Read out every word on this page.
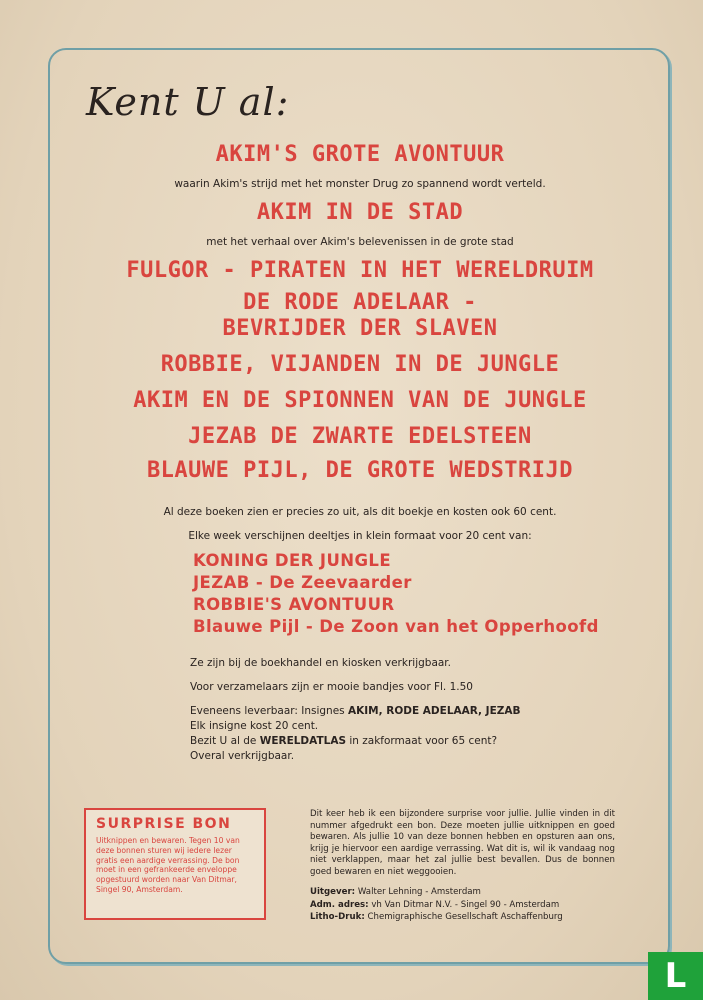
Kent U al:
AKIM'S GROTE AVONTUUR
waarin Akim's strijd met het monster Drug zo spannend wordt verteld.
AKIM IN DE STAD
met het verhaal over Akim's belevenissen in de grote stad
FULGOR - PIRATEN IN HET WERELDRUIM
DE RODE ADELAAR -
BEVRIJDER DER SLAVEN
ROBBIE, VIJANDEN IN DE JUNGLE
AKIM EN DE SPIONNEN VAN DE JUNGLE
JEZAB DE ZWARTE EDELSTEEN
BLAUWE PIJL, DE GROTE WEDSTRIJD
Al deze boeken zien er precies zo uit, als dit boekje en kosten ook 60 cent.
Elke week verschijnen deeltjes in klein formaat voor 20 cent van:
KONING DER JUNGLE
JEZAB - De Zeevaarder
ROBBIE'S AVONTUUR
Blauwe Pijl - De Zoon van het Opperhoofd
Ze zijn bij de boekhandel en kiosken verkrijgbaar.
Voor verzamelaars zijn er mooie bandjes voor Fl. 1.50
Eveneens leverbaar: Insignes AKIM, RODE ADELAAR, JEZAB
Elk insigne kost 20 cent.
Bezit U al de WERELDATLAS in zakformaat voor 65 cent?
Overal verkrijgbaar.
SURPRISE BON
Uitknippen en bewaren. Tegen 10 van deze bonnen sturen wij iedere lezer gratis een aardige verrassing. De bon moet in een gefrankeerde enveloppe opgestuurd worden naar Van Ditmar, Singel 90, Amsterdam.
Dit keer heb ik een bijzondere surprise voor jullie. Jullie vinden in dit nummer afgedrukt een bon. Deze moeten jullie uitknippen en goed bewaren. Als jullie 10 van deze bonnen hebben en opsturen aan ons, krijg je hiervoor een aardige verrassing. Wat dit is, wil ik vandaag nog niet verklappen, maar het zal jullie best bevallen. Dus de bonnen goed bewaren en niet weggooien.
Uitgever: Walter Lehning - Amsterdam
Adm. adres: vh Van Ditmar N.V. - Singel 90 - Amsterdam
Litho-Druk: Chemigraphische Gesellschaft Aschaffenburg
L
